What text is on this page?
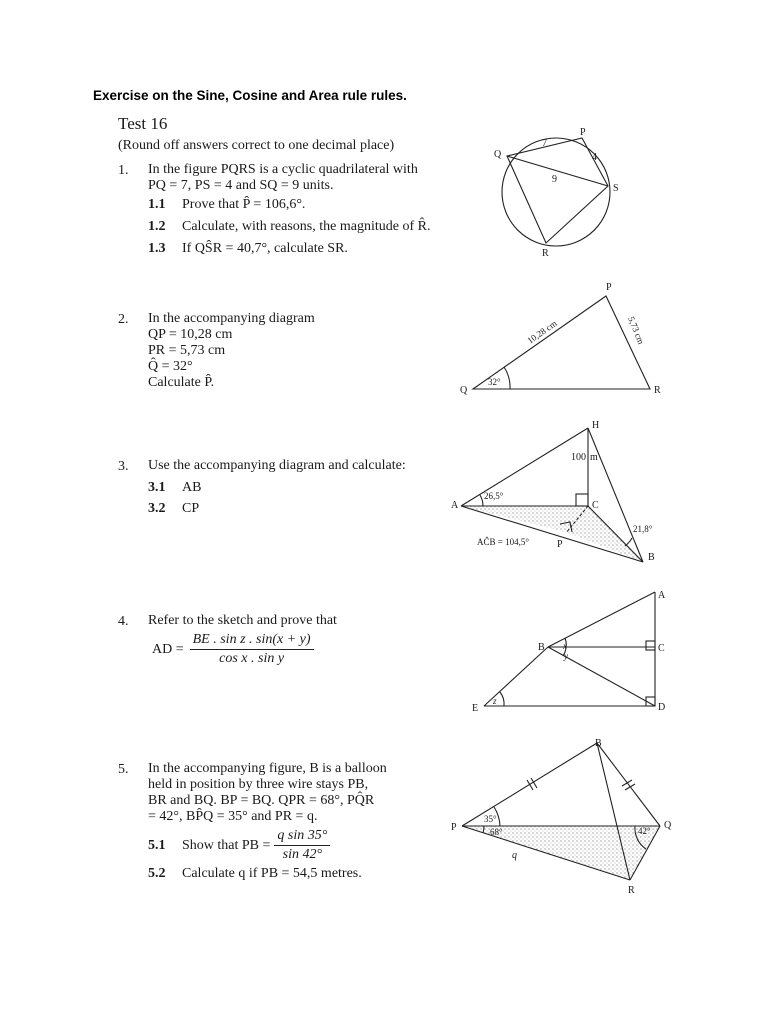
Exercise on the Sine, Cosine and Area rule rules.
Test 16
(Round off answers correct to one decimal place)
1. In the figure PQRS is a cyclic quadrilateral with
PQ = 7, PS = 4 and SQ = 9 units.
1.1 Prove that P̂ = 106,6°.
1.2 Calculate, with reasons, the magnitude of R̂.
1.3 If QŜR = 40,7°, calculate SR.
2. In the accompanying diagram
QP = 10,28 cm
PR = 5,73 cm
Q̂ = 32°
Calculate P̂.
3. Use the accompanying diagram and calculate:
3.1 AB
3.2 CP
4. Refer to the sketch and prove that
AD = $\frac{\text{BE . sin z . sin(x + y)}}{\text{cos x . sin y}}$
5. In the accompanying figure, B is a balloon
held in position by three wire stays PB,
BR and BQ. BP = BQ. QPR = 68°, PQ̂R
= 42°, BP̂Q = 35° and PR = q.
5.1	Show that PB = $\frac{\text{q sin 35°}}{\sin 42^\circ}$
5.2 Calculate q if PB = 54,5 metres.
P
Q
R
S
7
4
9
P
Q	R
32°
10,28 cm	5,73 cm
H
A
B
C
P
100 m
26,5°
21,8°
AĈB = 104,5°
A
B	C
D
E
x
y
z
B
P	Q
R
35°
68°	42°
q
